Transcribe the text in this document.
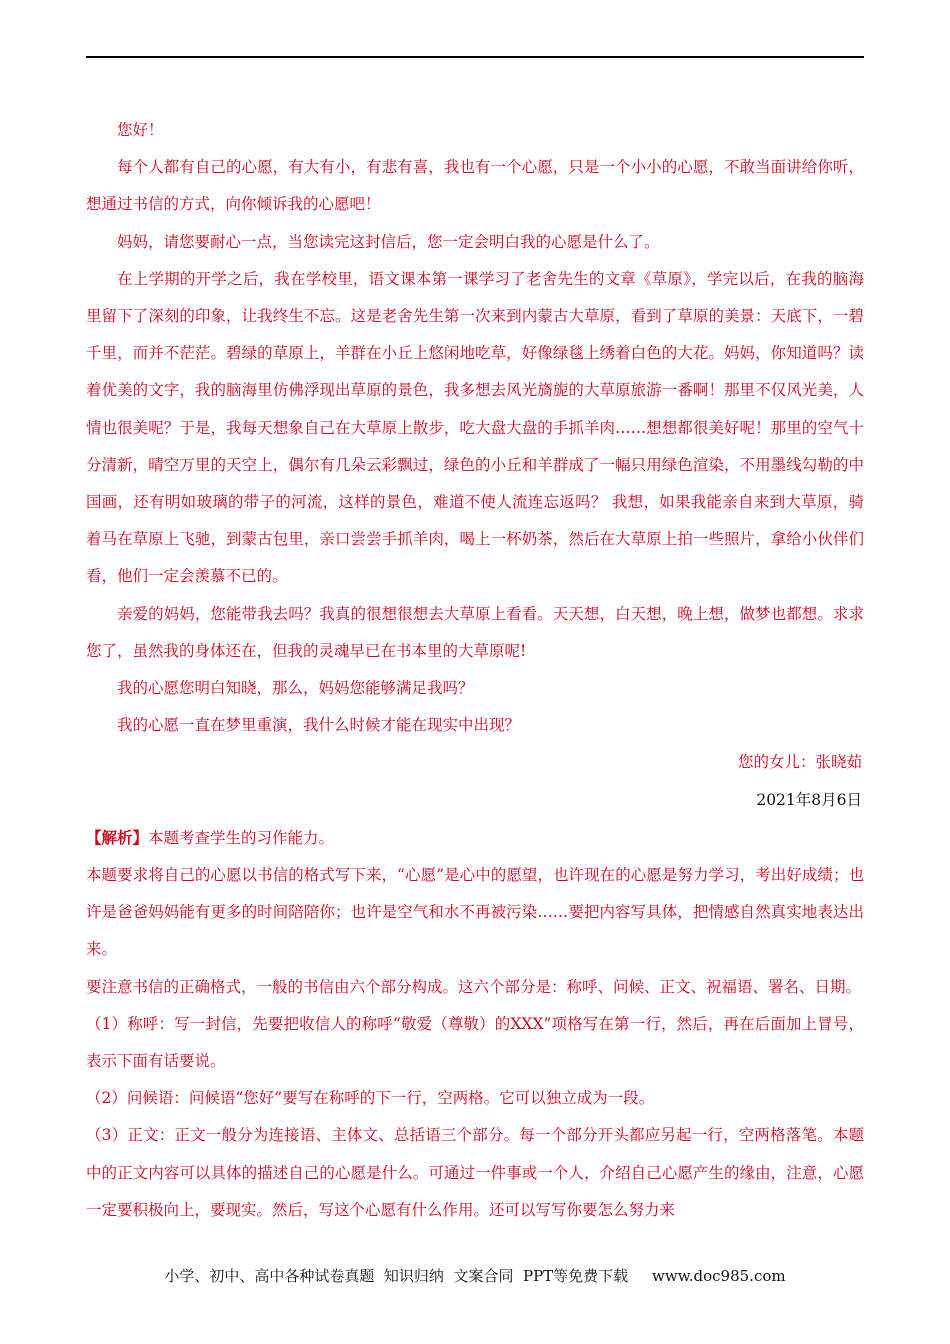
您好！

每个人都有自己的心愿，有大有小，有悲有喜，我也有一个心愿，只是一个小小的心愿，不敢当面讲给你听，想通过书信的方式，向你倾诉我的心愿吧！

妈妈，请您要耐心一点，当您读完这封信后，您一定会明白我的心愿是什么了。

在上学期的开学之后，我在学校里，语文课本第一课学习了老舍先生的文章《草原》，学完以后，在我的脑海里留下了深刻的印象，让我终生不忘。这是老舍先生第一次来到内蒙古大草原，看到了草原的美景：天底下，一碧千里，而并不茫茫。碧绿的草原上，羊群在小丘上悠闲地吃草，好像绿毯上绣着白色的大花。妈妈，你知道吗？读着优美的文字，我的脑海里仿佛浮现出草原的景色，我多想去风光旖旎的大草原旅游一番啊！那里不仅风光美，人情也很美呢？于是，我每天想象自己在大草原上散步，吃大盘大盘的手抓羊肉……想想都很美好呢！那里的空气十分清新，晴空万里的天空上，偶尔有几朵云彩飘过，绿色的小丘和羊群成了一幅只用绿色渲染，不用墨线勾勒的中国画，还有明如玻璃的带子的河流，这样的景色，难道不使人流连忘返吗？ 我想，如果我能亲自来到大草原，骑着马在草原上飞驰，到蒙古包里，亲口尝尝手抓羊肉，喝上一杯奶茶，然后在大草原上拍一些照片，拿给小伙伴们看，他们一定会羡慕不已的。

亲爱的妈妈，您能带我去吗？我真的很想很想去大草原上看看。天天想，白天想，晚上想，做梦也都想。求求您了，虽然我的身体还在，但我的灵魂早已在书本里的大草原呢!

我的心愿您明白知晓，那么，妈妈您能够满足我吗？

我的心愿一直在梦里重演，我什么时候才能在现实中出现？

您的女儿：张晓茹

2021年8月6日

【解析】本题考查学生的习作能力。

本题要求将自己的心愿以书信的格式写下来，“心愿”是心中的愿望，也许现在的心愿是努力学习，考出好成绩；也许是爸爸妈妈能有更多的时间陪陪你；也许是空气和水不再被污染……要把内容写具体，把情感自然真实地表达出来。

要注意书信的正确格式，一般的书信由六个部分构成。这六个部分是：称呼、问候、正文、祝福语、署名、日期。

（1）称呼：写一封信，先要把收信人的称呼“敬爱（尊敬）的XXX”项格写在第一行，然后，再在后面加上冒号，表示下面有话要说。

（2）问候语：问候语“您好”要写在称呼的下一行，空两格。它可以独立成为一段。

（3）正文：正文一般分为连接语、主体文、总括语三个部分。每一个部分开头都应另起一行，空两格落笔。本题中的正文内容可以具体的描述自己的心愿是什么。可通过一件事或一个人，介绍自己心愿产生的缘由，注意，心愿一定要积极向上，要现实。然后，写这个心愿有什么作用。还可以写写你要怎么努力来

小学、初中、高中各种试卷真题  知识归纳  文案合同  PPT等免费下载     www.doc985.com
